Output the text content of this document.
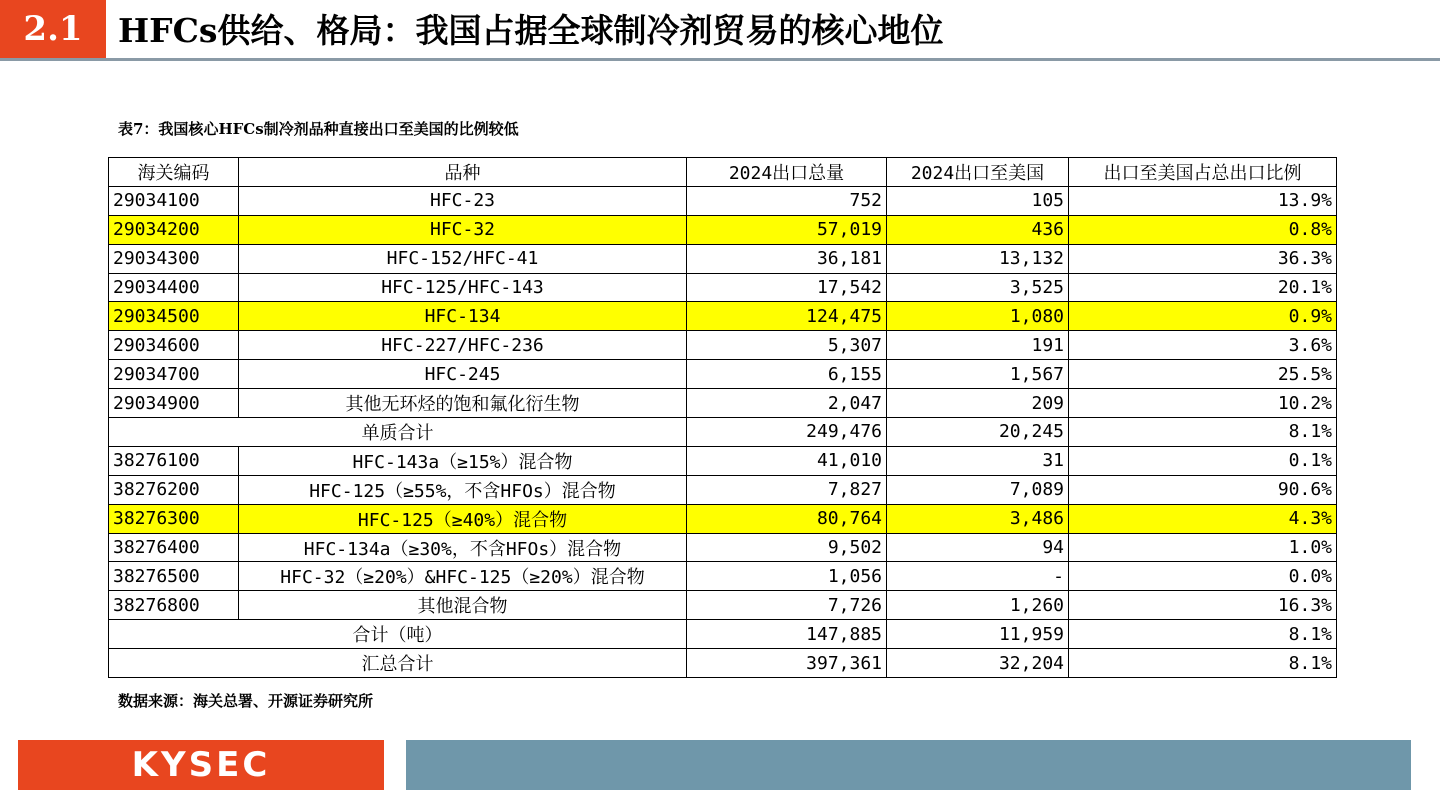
2.1	HFCs供给、格局：我国占据全球制冷剂贸易的核心地位
表7：我国核心HFCs制冷剂品种直接出口至美国的比例较低
海关编码	品种	2024出口总量	2024出口至美国	出口至美国占总出口比例
29034100	HFC-23	752	105	13.9%
29034200	HFC-32	57,019	436	0.8%
29034300	HFC-152/HFC-41	36,181	13,132	36.3%
29034400	HFC-125/HFC-143	17,542	3,525	20.1%
29034500	HFC-134	124,475	1,080	0.9%
29034600	HFC-227/HFC-236	5,307	191	3.6%
29034700	HFC-245	6,155	1,567	25.5%
29034900	其他无环烃的饱和氟化衍生物	2,047	209	10.2%
单质合计		249,476	20,245	8.1%
38276100	HFC-143a（≥15%）混合物	41,010	31	0.1%
38276200	HFC-125（≥55%，不含HFOs）混合物	7,827	7,089	90.6%
38276300	HFC-125（≥40%）混合物	80,764	3,486	4.3%
38276400	HFC-134a（≥30%，不含HFOs）混合物	9,502	94	1.0%
38276500	HFC-32（≥20%）&HFC-125（≥20%）混合物	1,056	-	0.0%
38276800	其他混合物	7,726	1,260	16.3%
合计（吨）		147,885	11,959	8.1%
汇总合计		397,361	32,204	8.1%
数据来源：海关总署、开源证券研究所
KYSEC
